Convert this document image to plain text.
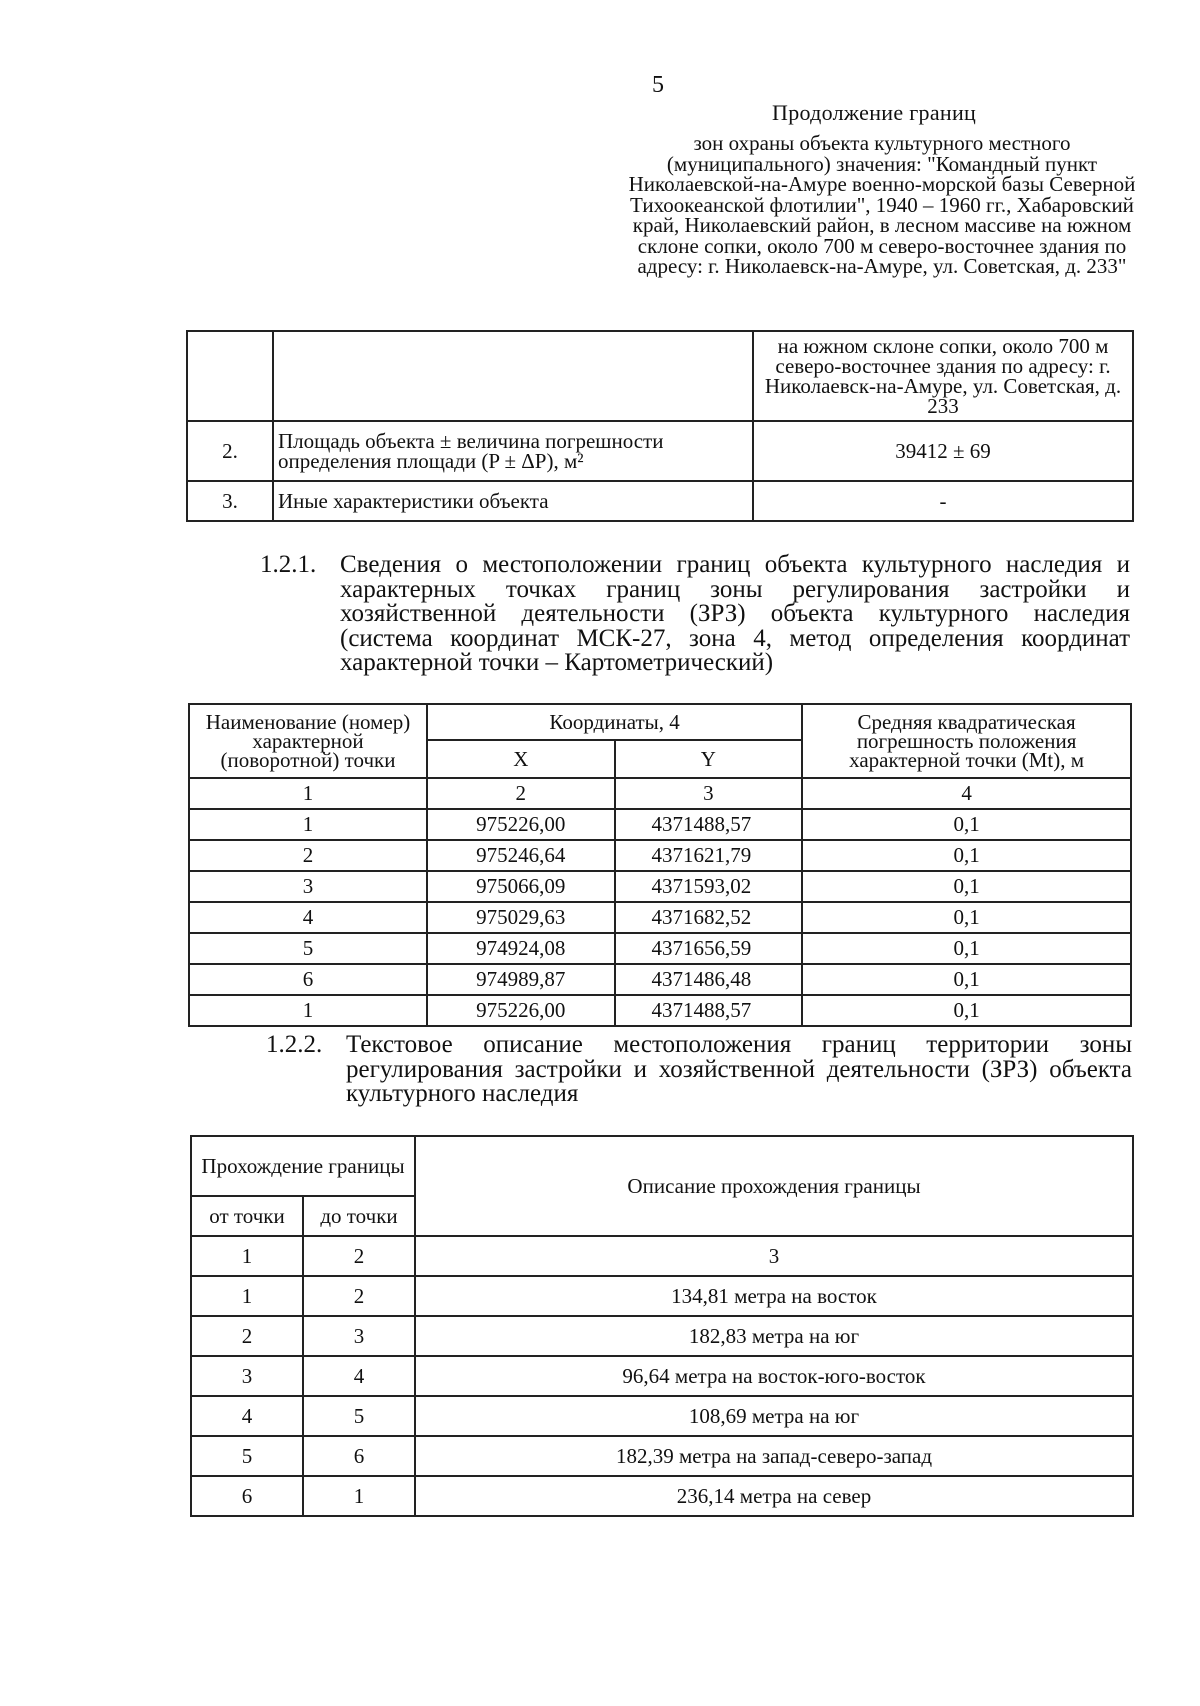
5
Продолжение границ
зон охраны объекта культурного местного (муниципального) значения: "Командный пункт Николаевской-на-Амуре военно-морской базы Северной Тихоокеанской флотилии", 1940 – 1960 гг., Хабаровский край, Николаевский район, в лесном массиве на южном склоне сопки, около 700 м северо-восточнее здания по адресу: г. Николаевск-на-Амуре, ул. Советская, д. 233"
		на южном склоне сопки, около 700 м северо-восточнее здания по адресу: г. Николаевск-на-Амуре, ул. Советская, д. 233
2.	Площадь объекта ± величина погрешности определения площади (P ± ΔP), м²	39412 ± 69
3.	Иные характеристики объекта	-
1.2.1. Сведения о местоположении границ объекта культурного наследия и характерных точках границ зоны регулирования застройки и хозяйственной деятельности (ЗРЗ) объекта культурного наследия (система координат МСК-27, зона 4, метод определения координат характерной точки – Картометрический)
Наименование (номер) характерной (поворотной) точки	Координаты, 4		Средняя квадратическая погрешность положения характерной точки (Mt), м
	X	Y	
1	2	3	4
1	975226,00	4371488,57	0,1
2	975246,64	4371621,79	0,1
3	975066,09	4371593,02	0,1
4	975029,63	4371682,52	0,1
5	974924,08	4371656,59	0,1
6	974989,87	4371486,48	0,1
1	975226,00	4371488,57	0,1
1.2.2. Текстовое описание местоположения границ территории зоны регулирования застройки и хозяйственной деятельности (ЗРЗ) объекта культурного наследия
Прохождение границы		Описание прохождения границы
от точки	до точки	
1	2	3
1	2	134,81 метра на восток
2	3	182,83 метра на юг
3	4	96,64 метра на восток-юго-восток
4	5	108,69 метра на юг
5	6	182,39 метра на запад-северо-запад
6	1	236,14 метра на север
